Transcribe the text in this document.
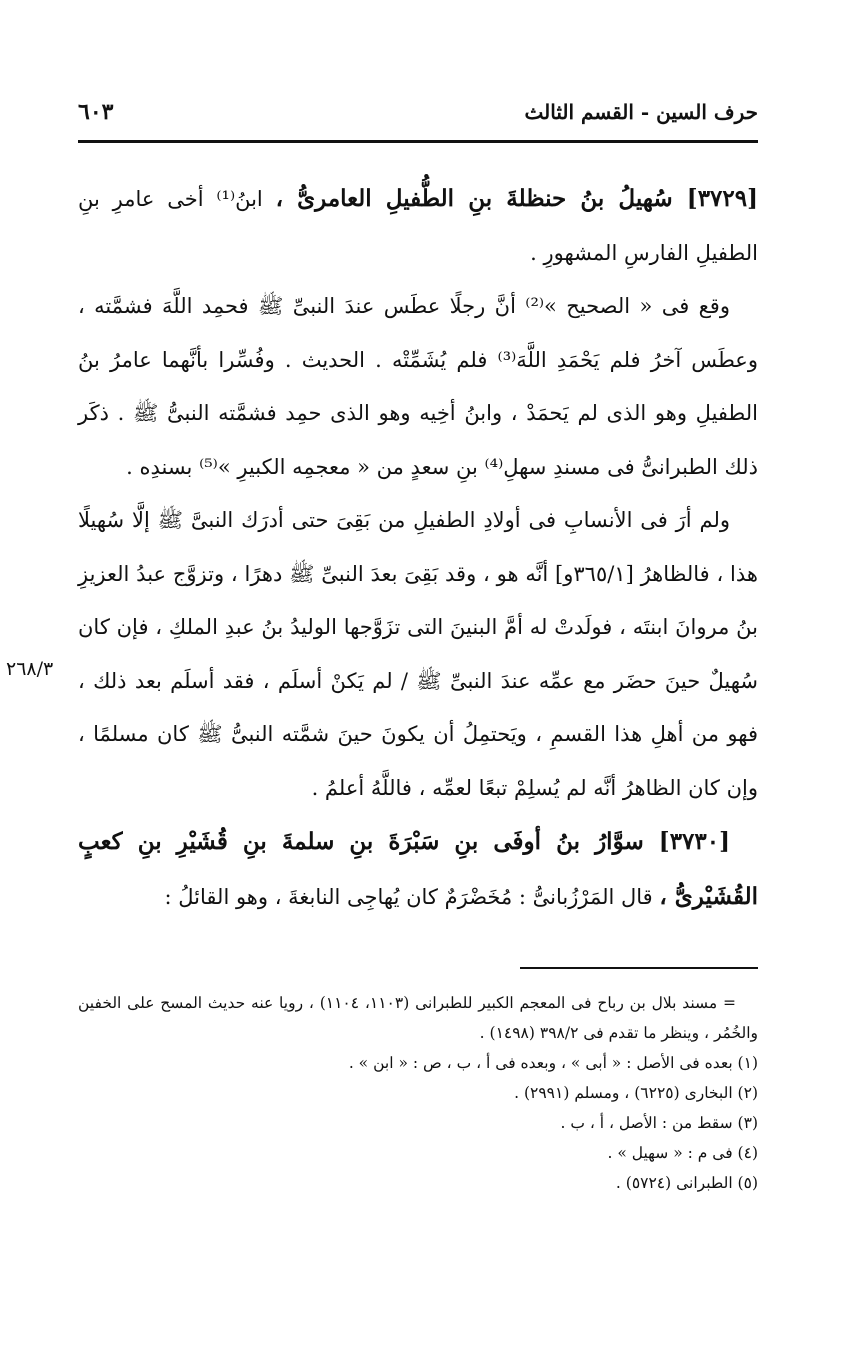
حرف السين - القسم الثالث
٦٠٣

[٣٧٢٩] سُهيلُ بنُ حنظلةَ بنِ الطُّفيلِ العامرىُّ ، ابنُ⁽¹⁾ أخى عامرِ بنِ الطفيلِ الفارسِ المشهورِ .

وقع فى « الصحيح »⁽²⁾ أنَّ رجلًا عطَس عندَ النبىِّ ﷺ فحمِد اللَّهَ فشمَّته ، وعطَس آخرُ فلم يَحْمَدِ اللَّهَ⁽³⁾ فلم يُشَمِّتْه . الحديث . وفُسِّرا بأنَّهما عامرُ بنُ الطفيلِ وهو الذى لم يَحمَدْ ، وابنُ أخِيه وهو الذى حمِد فشمَّته النبىُّ ﷺ . ذكَر ذلك الطبرانىُّ فى مسندِ سهلِ⁽⁴⁾ بنِ سعدٍ من « معجمِه الكبيرِ »⁽⁵⁾ بسندِه .

ولم أرَ فى الأنسابِ فى أولادِ الطفيلِ من بَقِىَ حتى أدرَك النبىَّ ﷺ إلَّا سُهيلًا هذا ، فالظاهرُ [٣٦٥/١و] أنَّه هو ، وقد بَقِىَ بعدَ النبىِّ ﷺ دهرًا ، وتزوَّج عبدُ العزيزِ بنُ مروانَ ابنتَه ، فولَدتْ له أمَّ البنينَ التى تزَوَّجها الوليدُ بنُ عبدِ الملكِ ، فإن كان سُهيلٌ حينَ حضَر مع عمِّه عندَ النبىِّ ﷺ / لم يَكنْ أسلَم ، فقد أسلَم بعد ذلك ، فهو من أهلِ هذا القسمِ ، ويَحتمِلُ أن يكونَ حينَ شمَّته النبىُّ ﷺ كان مسلمًا ، وإن كان الظاهرُ أنَّه لم يُسلِمْ تبعًا لعمِّه ، فاللَّهُ أعلمُ .

[٣٧٣٠] سوَّارُ بنُ أوفَى بنِ سَبْرَةَ بنِ سلمةَ بنِ قُشَيْرِ بنِ كعبٍ القُشَيْرىُّ ، قال المَرْزُبانىُّ : مُخَضْرَمٌ كان يُهاجِى النابغةَ ، وهو القائلُ :

٢٦٨/٣

= مسند بلال بن رباح فى المعجم الكبير للطبرانى (١١٠٣، ١١٠٤) ، رويا عنه حديث المسح على الخفين والخُمُر ، وينظر ما تقدم فى ٣٩٨/٢ (١٤٩٨) .

(١) بعده فى الأصل : « أبى » ، وبعده فى أ ، ب ، ص : « ابن » .

(٢) البخارى (٦٢٢٥) ، ومسلم (٢٩٩١) .

(٣) سقط من : الأصل ، أ ، ب .

(٤) فى م : « سهيل » .

(٥) الطبرانى (٥٧٢٤) .
